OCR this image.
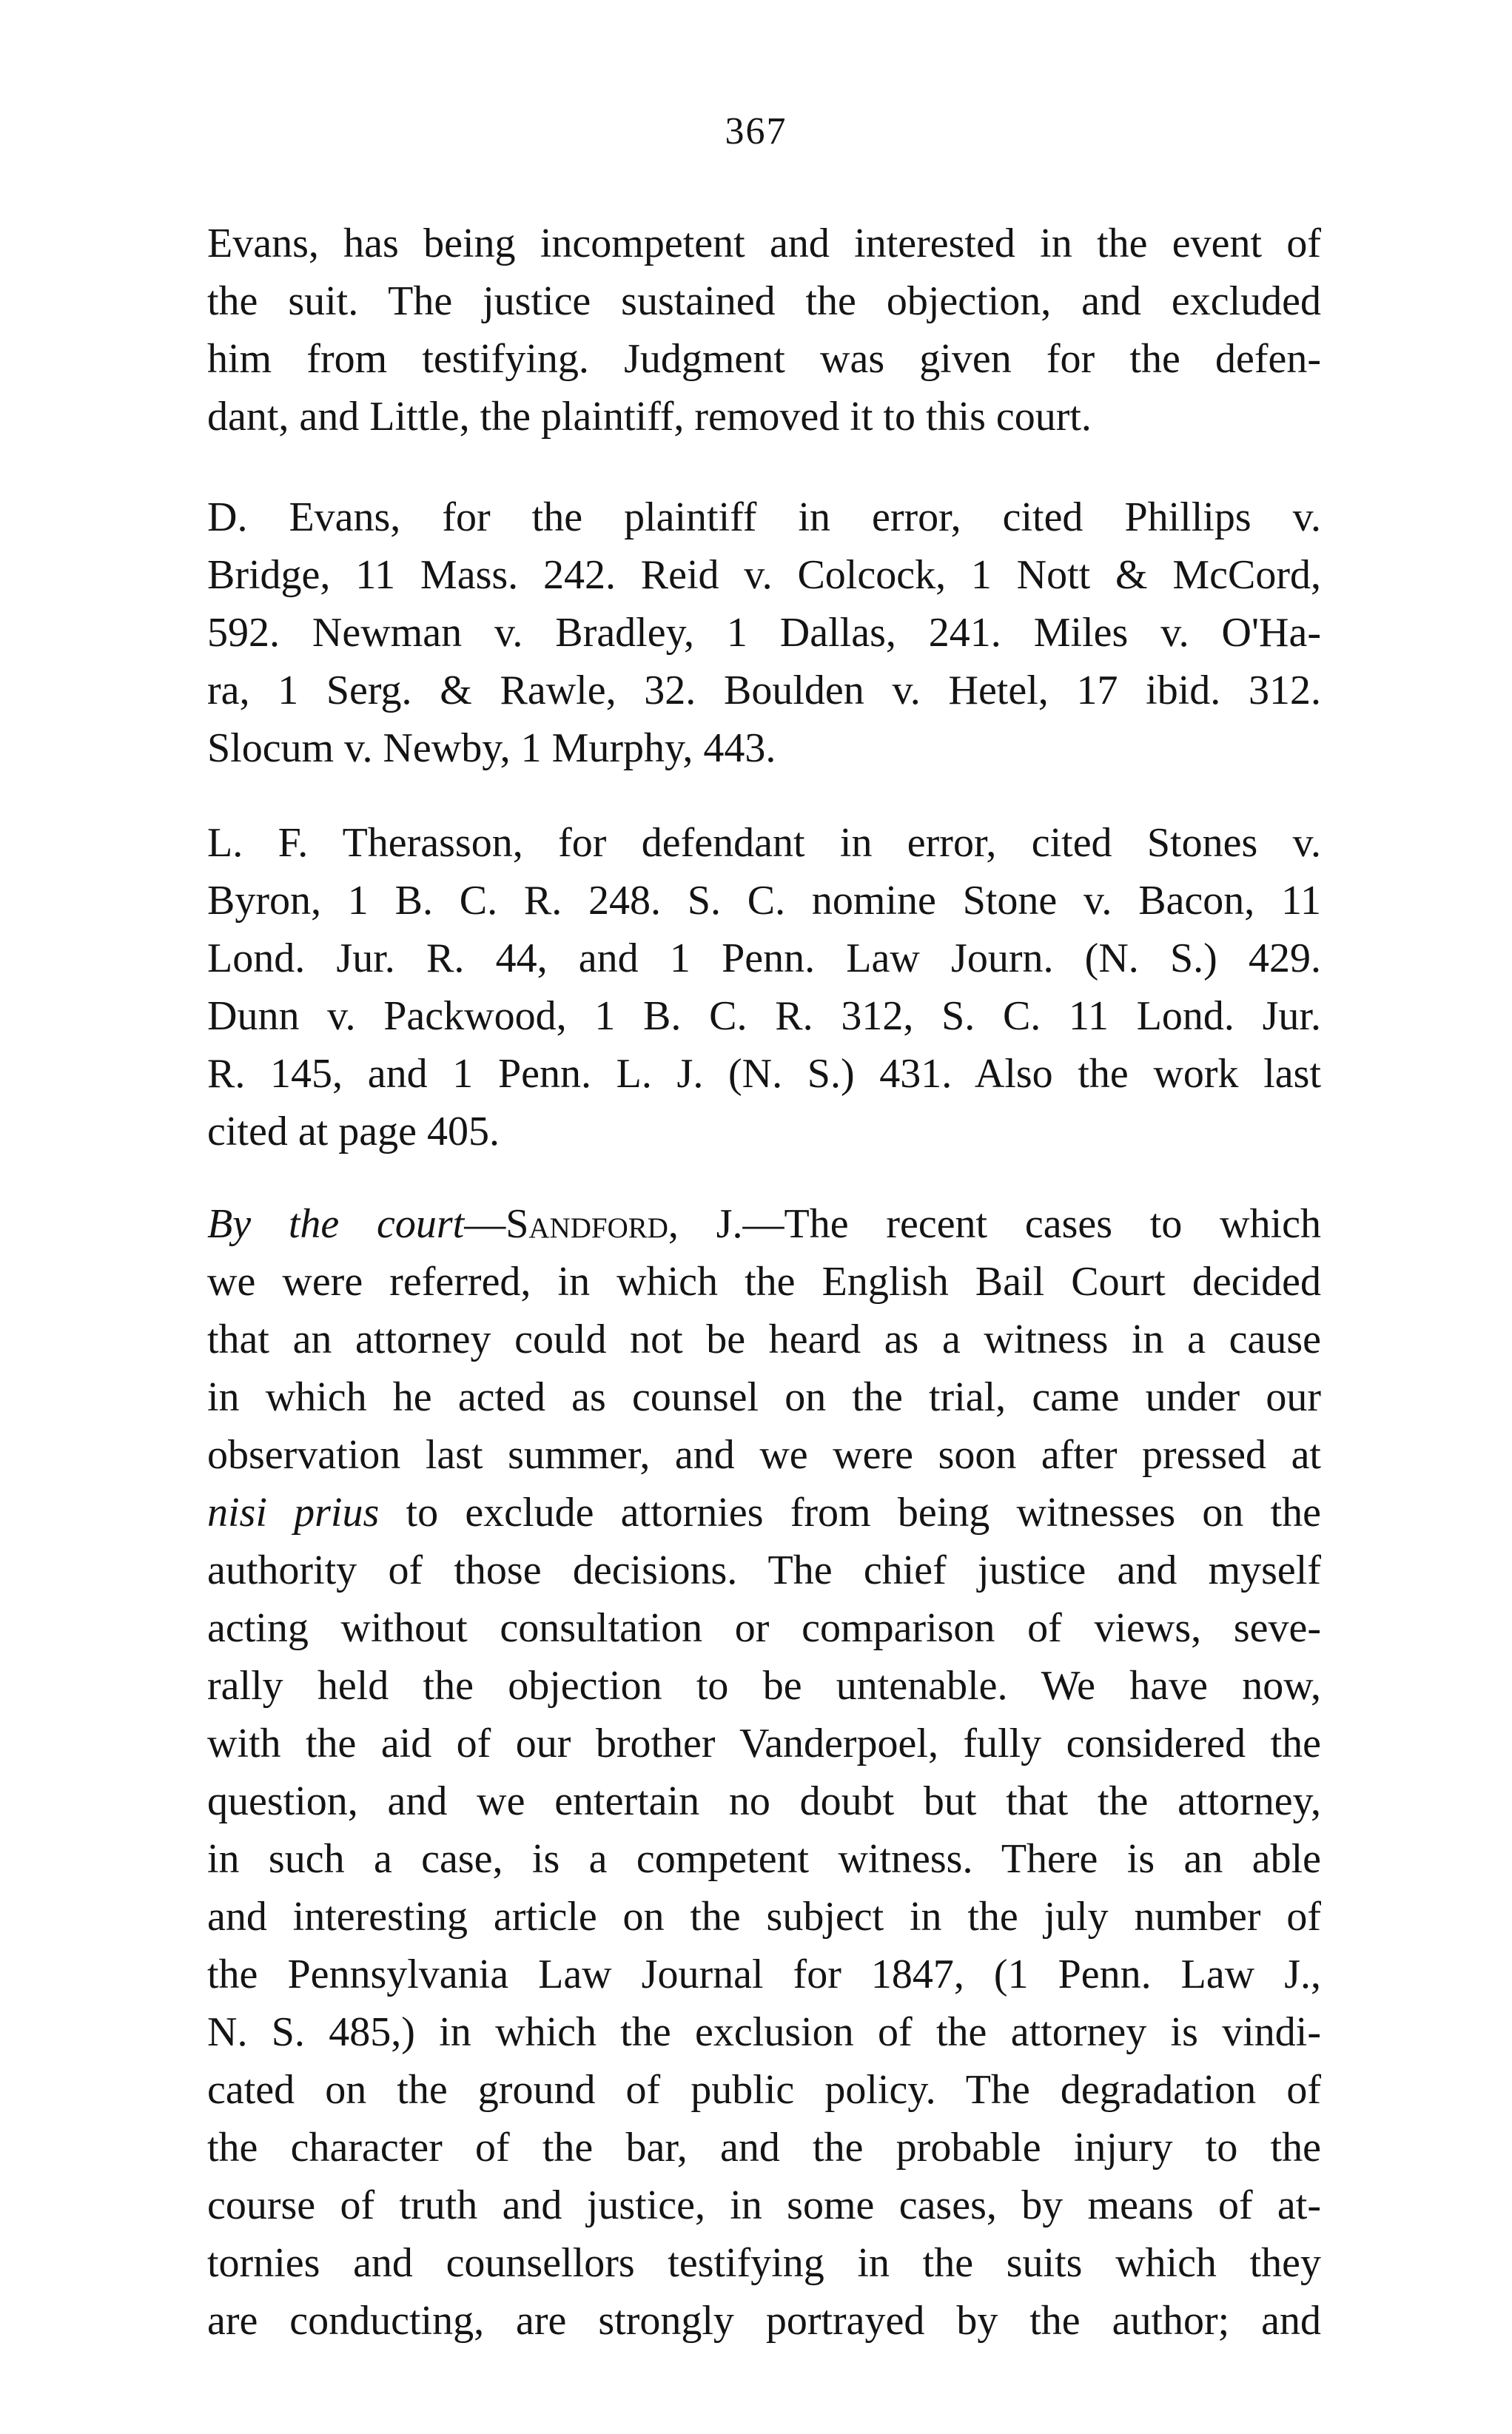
367
Evans, has being incompetent and interested in the event of
the suit. The justice sustained the objection, and excluded
him from testifying. Judgment was given for the defen-
dant, and Little, the plaintiff, removed it to this court.
D. Evans, for the plaintiff in error, cited Phillips v.
Bridge, 11 Mass. 242. Reid v. Colcock, 1 Nott & McCord,
592. Newman v. Bradley, 1 Dallas, 241. Miles v. O'Ha-
ra, 1 Serg. & Rawle, 32. Boulden v. Hetel, 17 ibid. 312.
Slocum v. Newby, 1 Murphy, 443.
L. F. Therasson, for defendant in error, cited Stones v.
Byron, 1 B. C. R. 248. S. C. nomine Stone v. Bacon, 11
Lond. Jur. R. 44, and 1 Penn. Law Journ. (N. S.) 429.
Dunn v. Packwood, 1 B. C. R. 312, S. C. 11 Lond. Jur.
R. 145, and 1 Penn. L. J. (N. S.) 431. Also the work last
cited at page 405.
By the court—Sandford, J.—The recent cases to which
we were referred, in which the English Bail Court decided
that an attorney could not be heard as a witness in a cause
in which he acted as counsel on the trial, came under our
observation last summer, and we were soon after pressed at
nisi prius to exclude attornies from being witnesses on the
authority of those decisions. The chief justice and myself
acting without consultation or comparison of views, seve-
rally held the objection to be untenable. We have now,
with the aid of our brother Vanderpoel, fully considered the
question, and we entertain no doubt but that the attorney,
in such a case, is a competent witness. There is an able
and interesting article on the subject in the july number of
the Pennsylvania Law Journal for 1847, (1 Penn. Law J.,
N. S. 485,) in which the exclusion of the attorney is vindi-
cated on the ground of public policy. The degradation of
the character of the bar, and the probable injury to the
course of truth and justice, in some cases, by means of at-
tornies and counsellors testifying in the suits which they
are conducting, are strongly portrayed by the author; and
